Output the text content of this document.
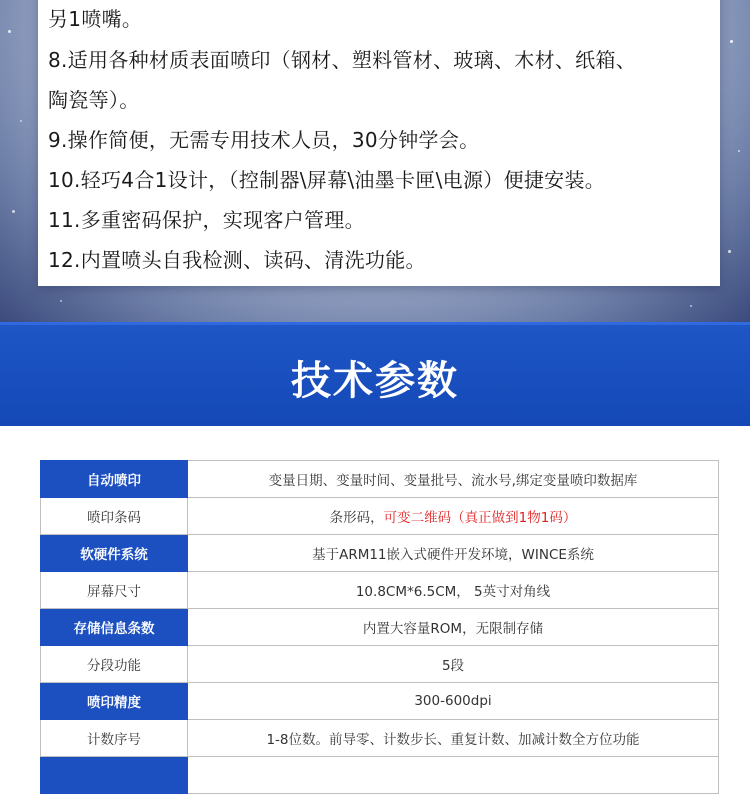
另1喷嘴。
8.适用各种材质表面喷印（钢材、塑料管材、玻璃、木材、纸箱、
陶瓷等）。
9.操作简便，无需专用技术人员，30分钟学会。
10.轻巧4合1设计，（控制器\屏幕\油墨卡匣\电源）便捷安装。
11.多重密码保护，实现客户管理。
12.内置喷头自我检测、读码、清洗功能。
技术参数
自动喷印	变量日期、变量时间、变量批号、流水号,绑定变量喷印数据库
喷印条码	条形码，可变二维码（真正做到1物1码）
软硬件系统	基于ARM11嵌入式硬件开发环境，WINCE系统
屏幕尺寸	10.8CM*6.5CM， 5英寸对角线
存储信息条数	内置大容量ROM，无限制存储
分段功能	5段
喷印精度	300-600dpi
计数序号	1-8位数。前导零、计数步长、重复计数、加减计数全方位功能
